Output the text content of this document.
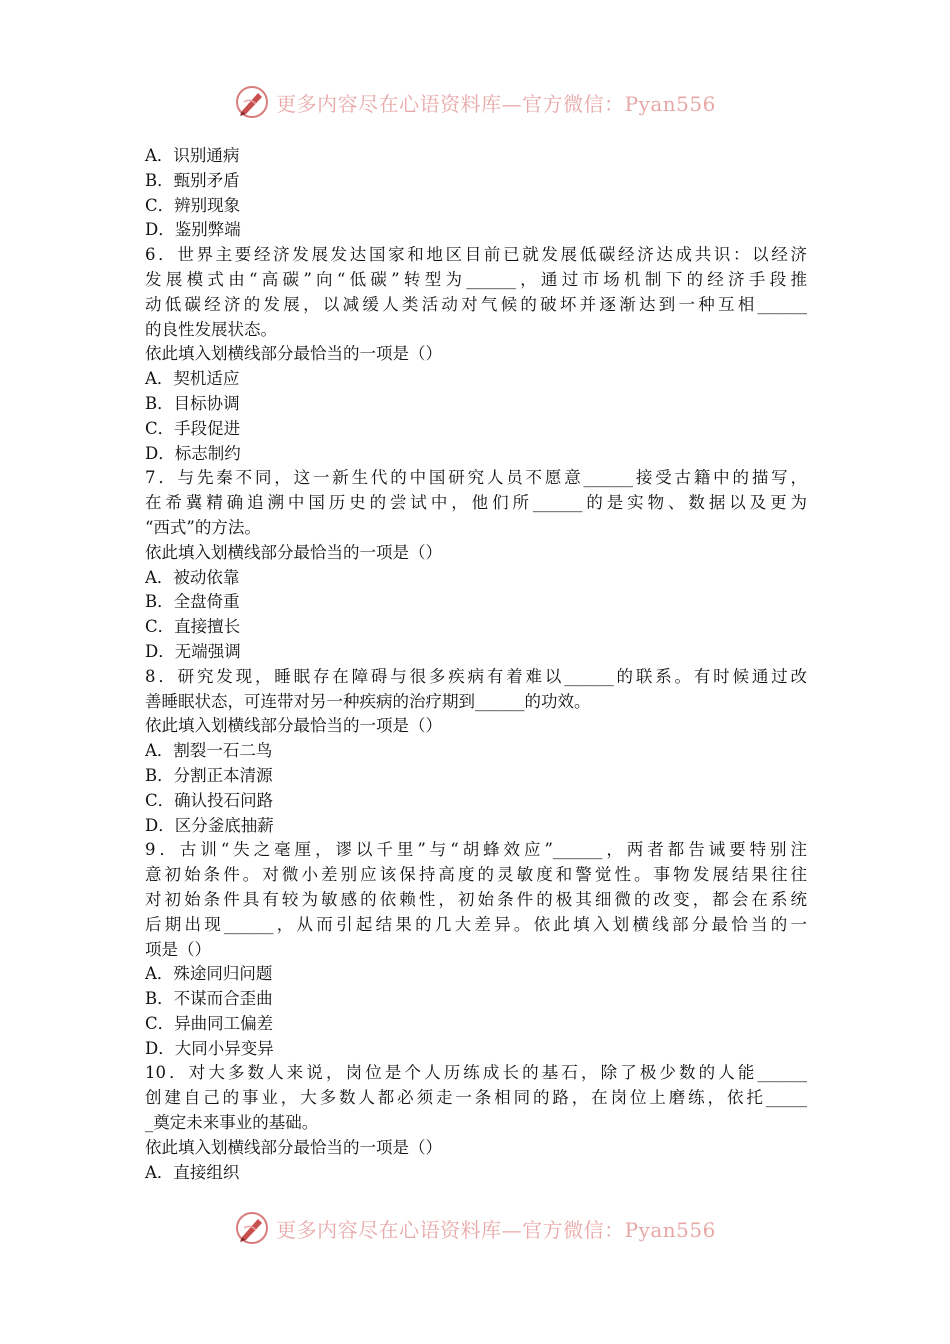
更多内容尽在心语资料库—官方微信：Pyan556
A．识别通病
B．甄别矛盾
C．辨别现象
D．鉴别弊端
6．世界主要经济发展发达国家和地区目前已就发展低碳经济达成共识：以经济
发展模式由“高碳”向“低碳”转型为______，通过市场机制下的经济手段推
动低碳经济的发展，以减缓人类活动对气候的破坏并逐渐达到一种互相______
的良性发展状态。
依此填入划横线部分最恰当的一项是（）
A．契机适应
B．目标协调
C．手段促进
D．标志制约
7．与先秦不同，这一新生代的中国研究人员不愿意______接受古籍中的描写，
在希冀精确追溯中国历史的尝试中，他们所______的是实物、数据以及更为
“西式”的方法。
依此填入划横线部分最恰当的一项是（）
A．被动依靠
B．全盘倚重
C．直接擅长
D．无端强调
8．研究发现，睡眠存在障碍与很多疾病有着难以______的联系。有时候通过改
善睡眠状态，可连带对另一种疾病的治疗期到______的功效。
依此填入划横线部分最恰当的一项是（）
A．割裂一石二鸟
B．分割正本清源
C．确认投石问路
D．区分釜底抽薪
9．古训“失之毫厘，谬以千里”与“胡蜂效应”______，两者都告诫要特别注
意初始条件。对微小差别应该保持高度的灵敏度和警觉性。事物发展结果往往
对初始条件具有较为敏感的依赖性，初始条件的极其细微的改变，都会在系统
后期出现______，从而引起结果的几大差异。依此填入划横线部分最恰当的一
项是（）
A．殊途同归问题
B．不谋而合歪曲
C．异曲同工偏差
D．大同小异变异
10．对大多数人来说，岗位是个人历练成长的基石，除了极少数的人能______
创建自己的事业，大多数人都必须走一条相同的路，在岗位上磨练，依托_____
_奠定未来事业的基础。
依此填入划横线部分最恰当的一项是（）
A．直接组织
更多内容尽在心语资料库—官方微信：Pyan556
